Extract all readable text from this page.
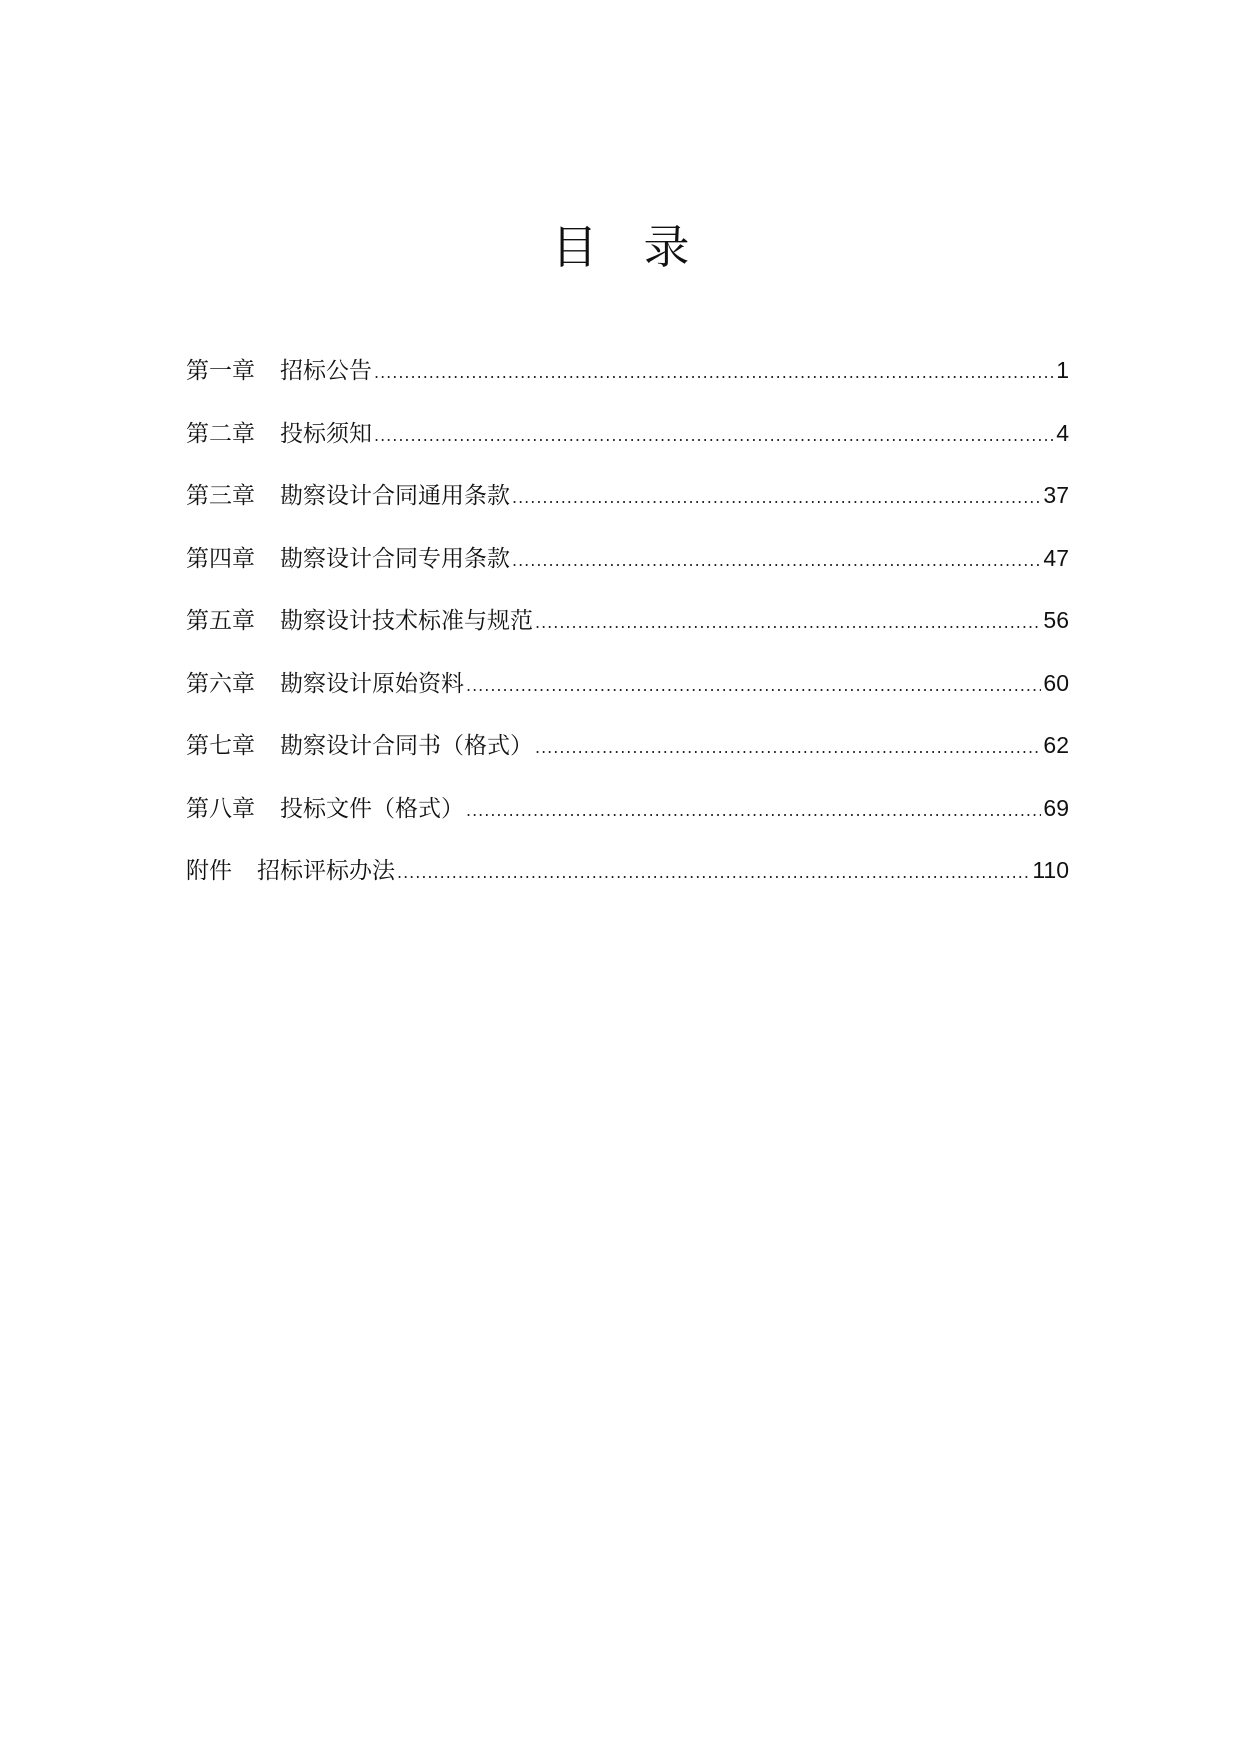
目　录
第一章 招标公告 .....	1
第二章 投标须知 .....	4
第三章 勘察设计合同通用条款 .....	37
第四章 勘察设计合同专用条款 .....	47
第五章 勘察设计技术标准与规范 .....	56
第六章 勘察设计原始资料 .....	60
第七章 勘察设计合同书（格式） .....	62
第八章 投标文件（格式） .....	69
附件 招标评标办法 .....	110
